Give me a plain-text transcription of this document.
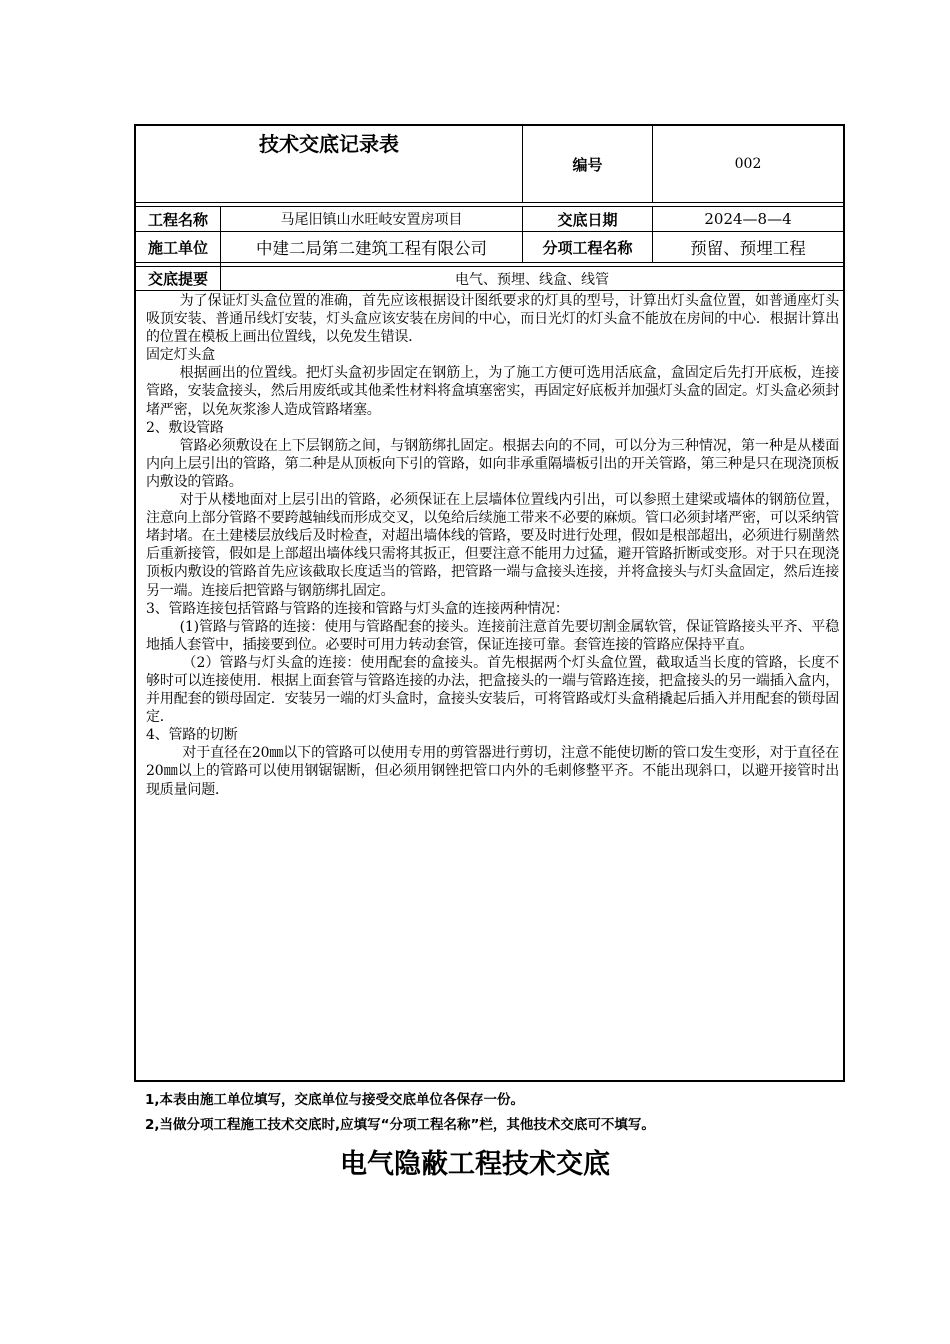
技术交底记录表
编号	002
工程名称	马尾旧镇山水旺岐安置房项目	交底日期	2024—8—4
施工单位	中建二局第二建筑工程有限公司	分项工程名称	预留、预埋工程
交底提要	电气、预埋、线盒、线管

为了保证灯头盒位置的准确，首先应该根据设计图纸要求的灯具的型号，计算出灯头盒位置，如普通座灯头吸顶安装、普通吊线灯安装，灯头盒应该安装在房间的中心，而日光灯的灯头盒不能放在房间的中心．根据计算出的位置在模板上画出位置线，以免发生错误．

固定灯头盒

根据画出的位置线。把灯头盒初步固定在钢筋上，为了施工方便可选用活底盒，盒固定后先打开底板，连接管路，安装盒接头，然后用废纸或其他柔性材料将盒填塞密实，再固定好底板并加强灯头盒的固定。灯头盒必须封堵严密，以免灰浆渗人造成管路堵塞。

2、敷设管路

管路必须敷设在上下层钢筋之间，与钢筋绑扎固定。根据去向的不同，可以分为三种情况，第一种是从楼面内向上层引出的管路，第二种是从顶板向下引的管路，如向非承重隔墙板引出的开关管路，第三种是只在现浇顶板内敷设的管路。

对于从楼地面对上层引出的管路，必须保证在上层墙体位置线内引出，可以参照土建梁或墙体的钢筋位置，注意向上部分管路不要跨越轴线而形成交叉，以兔给后续施工带来不必要的麻烦。管口必须封堵严密，可以采纳管堵封堵。在土建楼层放线后及时检查，对超出墙体线的管路，要及时进行处理，假如是根部超出，必须进行剔凿然后重新接管，假如是上部超出墙体线只需将其扳正，但要注意不能用力过猛，避开管路折断或变形。对于只在现浇顶板内敷设的管路首先应该截取长度适当的管路，把管路一端与盒接头连接，并将盒接头与灯头盒固定，然后连接另一端。连接后把管路与钢筋绑扎固定。

3、管路连接包括管路与管路的连接和管路与灯头盒的连接两种情况：

(1)管路与管路的连接：使用与管路配套的接头。连接前注意首先要切割金属软管，保证管路接头平齐、平稳地插人套管中，插接要到位。必要时可用力转动套管，保证连接可靠。套管连接的管路应保持平直。

（2）管路与灯头盒的连接：使用配套的盒接头。首先根据两个灯头盒位置，截取适当长度的管路，长度不够时可以连接使用．根据上面套管与管路连接的办法，把盒接头的一端与管路连接，把盒接头的另一端插入盒内，并用配套的锁母固定．安装另一端的灯头盒时，盒接头安装后，可将管路或灯头盒稍撬起后插入并用配套的锁母固定．

4、管路的切断

对于直径在20㎜以下的管路可以使用专用的剪管器进行剪切，注意不能使切断的管口发生变形，对于直径在20㎜以上的管路可以使用钢锯锯断，但必须用钢锉把管口内外的毛刺修整平齐。不能出现斜口，以避开接管时出现质量问题．

1,本表由施工单位填写，交底单位与接受交底单位各保存一份。
2,当做分项工程施工技术交底时,应填写“分项工程名称”栏，其他技术交底可不填写。
电气隐蔽工程技术交底
